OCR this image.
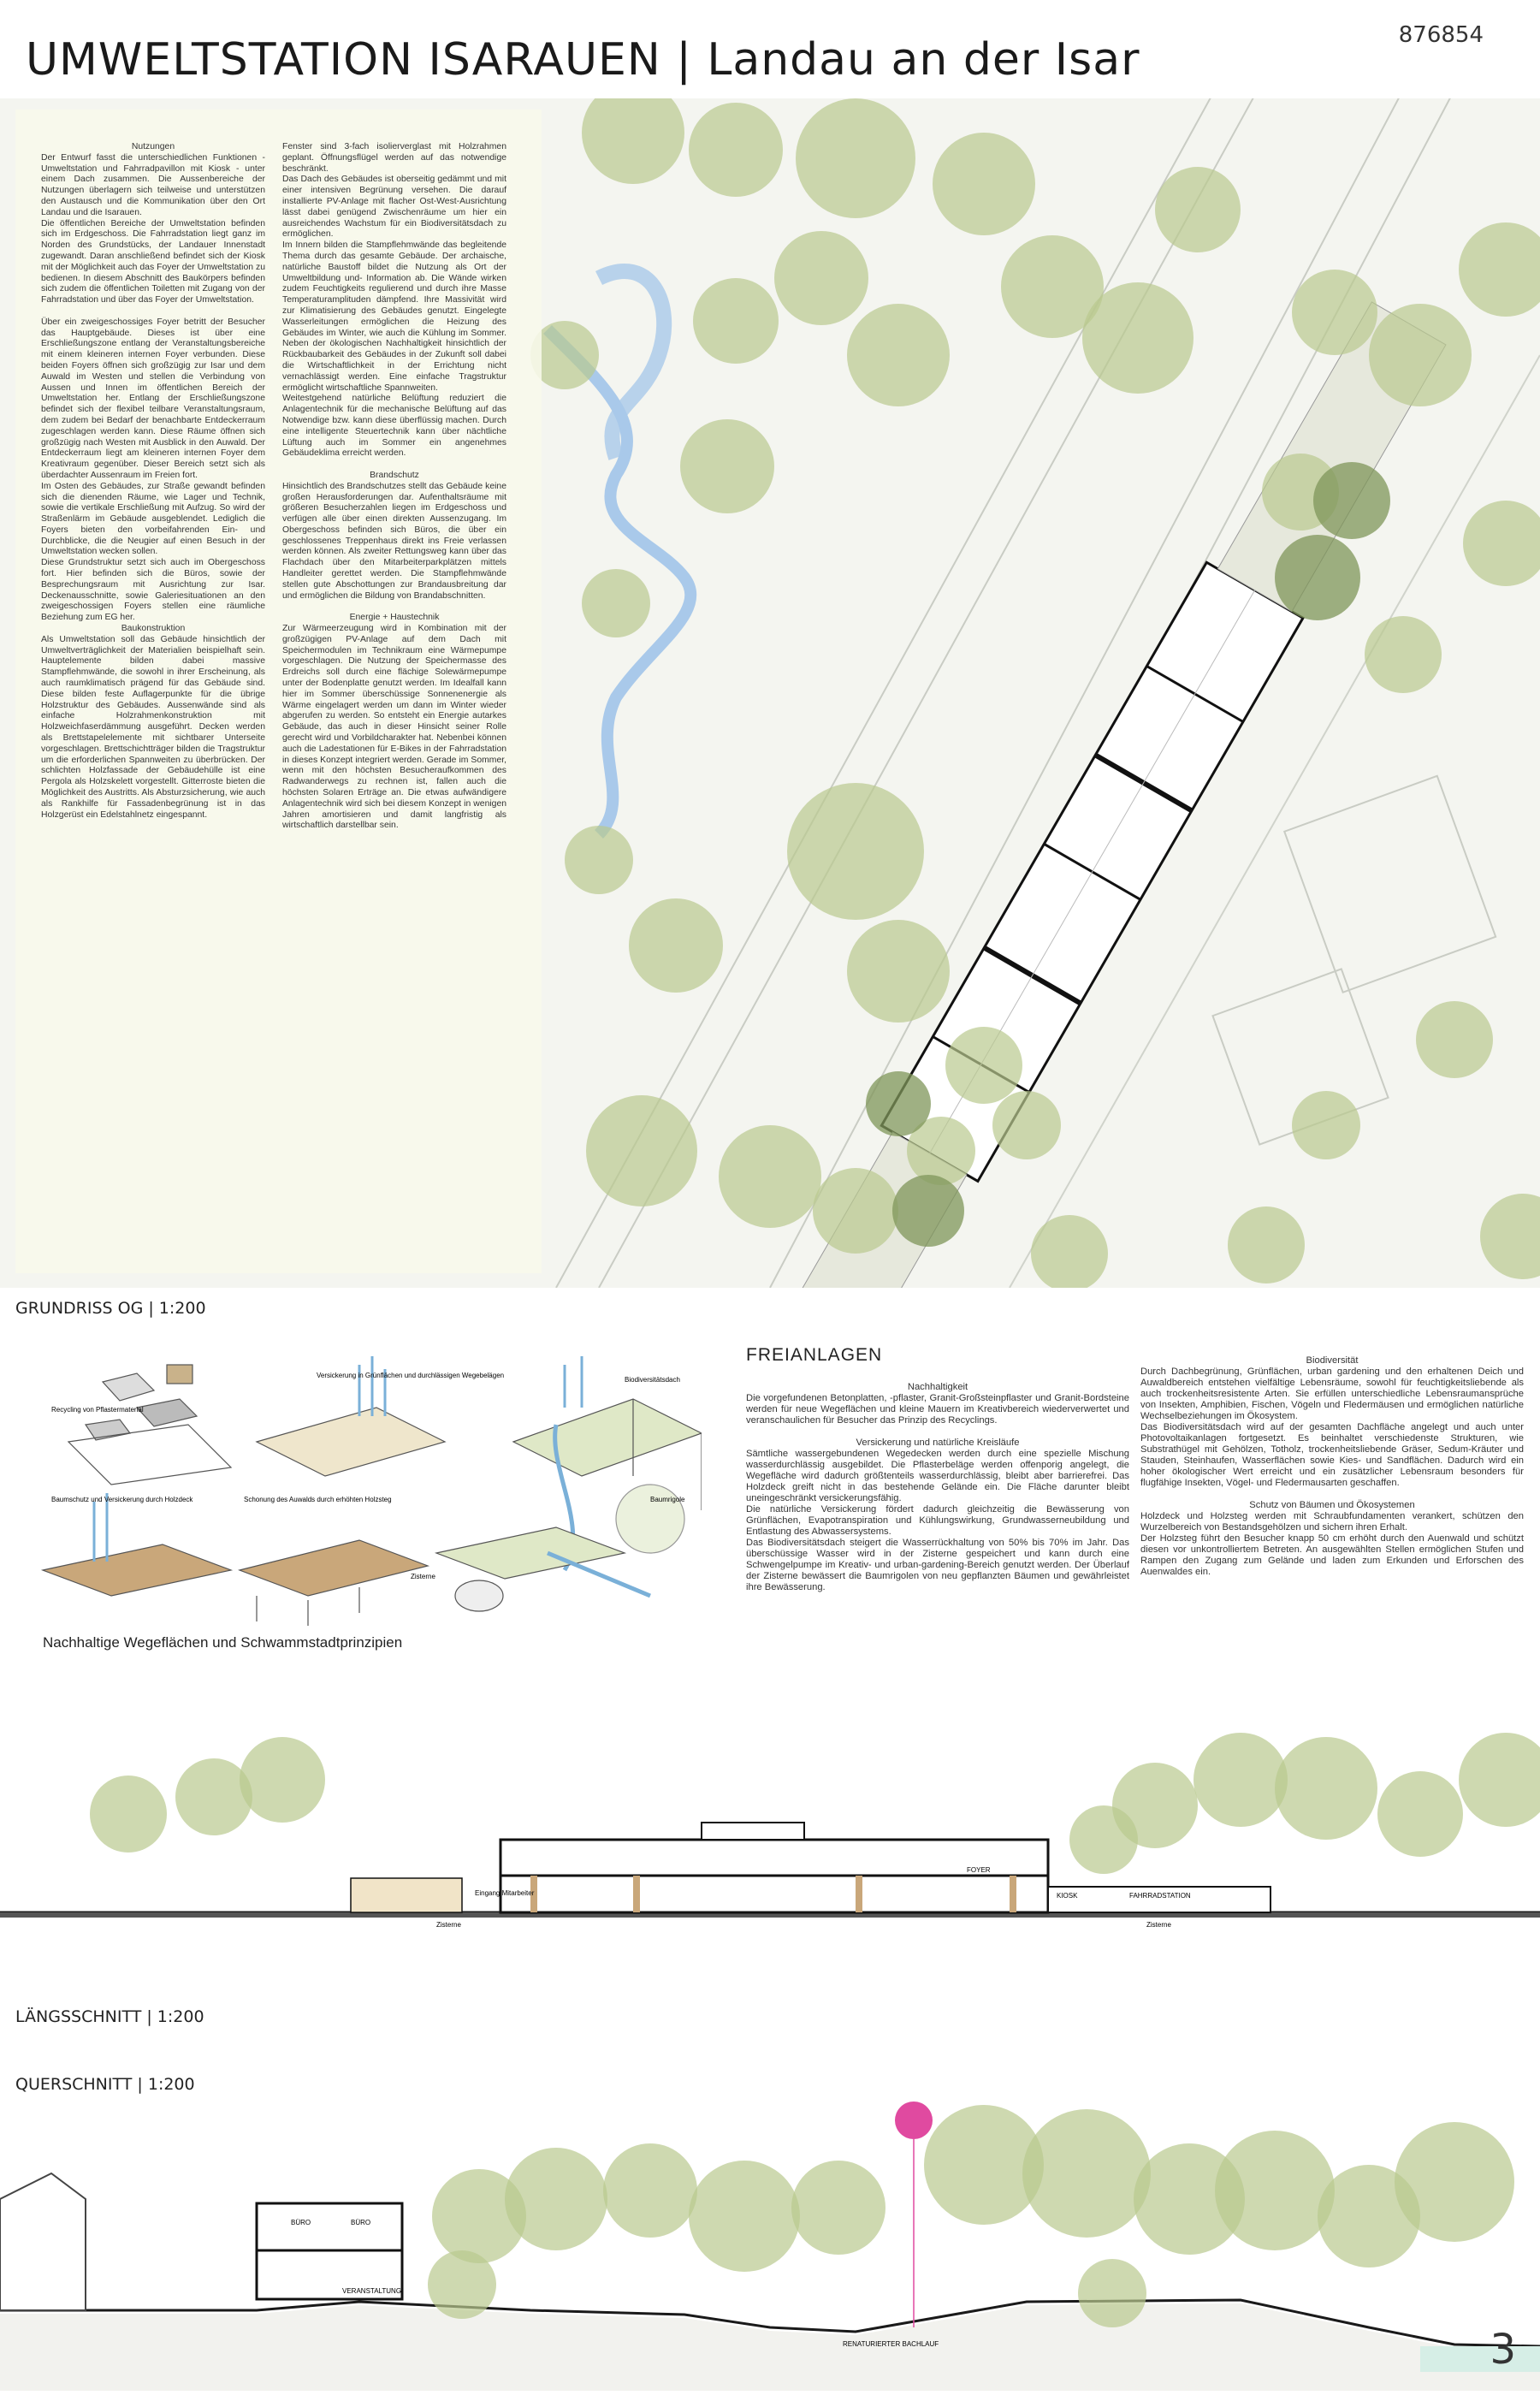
UMWELTSTATION ISARAUEN | Landau an der Isar	876854
Nutzungen
Der Entwurf fasst die unterschiedlichen Funktionen - Umweltstation und Fahrradpavillon mit Kiosk - unter einem Dach zusammen. Die Aussenbereiche der Nutzungen überlagern sich teilweise und unterstützen den Austausch und die Kommunikation über den Ort Landau und die Isarauen.
Die öffentlichen Bereiche der Umweltstation befinden sich im Erdgeschoss. Die Fahrradstation liegt ganz im Norden des Grundstücks, der Landauer Innenstadt zugewandt. Daran anschließend befindet sich der Kiosk mit der Möglichkeit auch das Foyer der Umweltstation zu bedienen. In diesem Abschnitt des Baukörpers befinden sich zudem die öffentlichen Toiletten mit Zugang von der Fahrradstation und über das Foyer der Umweltstation.

Über ein zweigeschossiges Foyer betritt der Besucher das Hauptgebäude. Dieses ist über eine Erschließungszone entlang der Veranstaltungsbereiche mit einem kleineren internen Foyer verbunden. Diese beiden Foyers öffnen sich großzügig zur Isar und dem Auwald im Westen und stellen die Verbindung von Aussen und Innen im öffentlichen Bereich der Umweltstation her. Entlang der Erschließungszone befindet sich der flexibel teilbare Veranstaltungsraum, dem zudem bei Bedarf der benachbarte Entdeckerraum zugeschlagen werden kann. Diese Räume öffnen sich großzügig nach Westen mit Ausblick in den Auwald. Der Entdeckerraum liegt am kleineren internen Foyer dem Kreativraum gegenüber. Dieser Bereich setzt sich als überdachter Aussenraum im Freien fort.
Im Osten des Gebäudes, zur Straße gewandt befinden sich die dienenden Räume, wie Lager und Technik, sowie die vertikale Erschließung mit Aufzug. So wird der Straßenlärm im Gebäude ausgeblendet. Lediglich die Foyers bieten den vorbeifahrenden Ein- und Durchblicke, die die Neugier auf einen Besuch in der Umweltstation wecken sollen.
Diese Grundstruktur setzt sich auch im Obergeschoss fort. Hier befinden sich die Büros, sowie der Besprechungsraum mit Ausrichtung zur Isar. Deckenausschnitte, sowie Galeriesituationen an den zweigeschossigen Foyers stellen eine räumliche Beziehung zum EG her.

Baukonstruktion
Als Umweltstation soll das Gebäude hinsichtlich der Umweltverträglichkeit der Materialien beispielhaft sein. Hauptelemente bilden dabei massive Stampflehmwände, die sowohl in ihrer Erscheinung, als auch raumklimatisch prägend für das Gebäude sind. Diese bilden feste Auflagerpunkte für die übrige Holzstruktur des Gebäudes. Aussenwände sind als einfache Holzrahmenkonstruktion mit Holzweichfaserdämmung ausgeführt. Decken werden als Brettstapelelemente mit sichtbarer Unterseite vorgeschlagen. Brettschichtträger bilden die Tragstruktur um die erforderlichen Spannweiten zu überbrücken. Der schlichten Holzfassade der Gebäudehülle ist eine Pergola als Holzskelett vorgestellt. Gitterroste bieten die Möglichkeit des Austritts. Als Absturzsicherung, wie auch als Rankhilfe für Fassadenbegrünung ist in das Holzgerüst ein Edelstahlnetz eingespannt.
Fenster sind 3-fach isolierverglast mit Holzrahmen geplant. Öffnungsflügel werden auf das notwendige beschränkt.
Das Dach des Gebäudes ist oberseitig gedämmt und mit einer intensiven Begrünung versehen. Die darauf installierte PV-Anlage mit flacher Ost-West-Ausrichtung lässt dabei genügend Zwischenräume um hier ein ausreichendes Wachstum für ein Biodiversitätsdach zu ermöglichen.
Im Innern bilden die Stampflehmwände das begleitende Thema durch das gesamte Gebäude. Der archaische, natürliche Baustoff bildet die Nutzung als Ort der Umweltbildung und- Information ab. Die Wände wirken zudem Feuchtigkeits regulierend und durch ihre Masse Temperaturamplituden dämpfend. Ihre Massivität wird zur Klimatisierung des Gebäudes genutzt. Eingelegte Wasserleitungen ermöglichen die Heizung des Gebäudes im Winter, wie auch die Kühlung im Sommer. Neben der ökologischen Nachhaltigkeit hinsichtlich der Rückbaubarkeit des Gebäudes in der Zukunft soll dabei die Wirtschaftlichkeit in der Errichtung nicht vernachlässigt werden. Eine einfache Tragstruktur ermöglicht wirtschaftliche Spannweiten.
Weitestgehend natürliche Belüftung reduziert die Anlagentechnik für die mechanische Belüftung auf das Notwendige bzw. kann diese überflüssig machen. Durch eine intelligente Steuertechnik kann über nächtliche Lüftung auch im Sommer ein angenehmes Gebäudeklima erreicht werden.

Brandschutz
Hinsichtlich des Brandschutzes stellt das Gebäude keine großen Herausforderungen dar. Aufenthaltsräume mit größeren Besucherzahlen liegen im Erdgeschoss und verfügen alle über einen direkten Aussenzugang. Im Obergeschoss befinden sich Büros, die über ein geschlossenes Treppenhaus direkt ins Freie verlassen werden können. Als zweiter Rettungsweg kann über das Flachdach über den Mitarbeiterparkplätzen mittels Handleiter gerettet werden. Die Stampflehmwände stellen gute Abschottungen zur Brandausbreitung dar und ermöglichen die Bildung von Brandabschnitten.

Energie + Haustechnik
Zur Wärmeerzeugung wird in Kombination mit der großzügigen PV-Anlage auf dem Dach mit Speichermodulen im Technikraum eine Wärmepumpe vorgeschlagen. Die Nutzung der Speichermasse des Erdreichs soll durch eine flächige Solewärmepumpe unter der Bodenplatte genutzt werden. Im Idealfall kann hier im Sommer überschüssige Sonnenenergie als Wärme eingelagert werden um dann im Winter wieder abgerufen zu werden. So entsteht ein Energie autarkes Gebäude, das auch in dieser Hinsicht seiner Rolle gerecht wird und Vorbildcharakter hat. Nebenbei können auch die Ladestationen für E-Bikes in der Fahrradstation in dieses Konzept integriert werden. Gerade im Sommer, wenn mit den höchsten Besucheraufkommen des Radwanderwegs zu rechnen ist, fallen auch die höchsten Solaren Erträge an. Die etwas aufwändigere Anlagentechnik wird sich bei diesem Konzept in wenigen Jahren amortisieren und damit langfristig als wirtschaftlich darstellbar sein.
GRUNDRISS OG | 1:200
Recycling von Pflastermaterial
Versickerung in Grünflächen und durchlässigen Wegebelägen
Biodiversitätsdach
Baumschutz und Versickerung durch Holzdeck	Schonung des Auwalds durch erhöhten Holzsteg
Zisterne
Baumrigole
Nachhaltige Wegeflächen und Schwammstadtprinzipien
FREIANLAGEN
Nachhaltigkeit
Die vorgefundenen Betonplatten, -pflaster, Granit-Großsteinpflaster und Granit-Bordsteine werden für neue Wegeflächen und kleine Mauern im Kreativbereich wiederverwertet und veranschaulichen für Besucher das Prinzip des Recyclings.

Versickerung und natürliche Kreisläufe
Sämtliche wassergebundenen Wegedecken werden durch eine spezielle Mischung wasserdurchlässig ausgebildet. Die Pflasterbeläge werden offenporig angelegt, die Wegefläche wird dadurch größtenteils wasserdurchlässig, bleibt aber barrierefrei. Das Holzdeck greift nicht in das bestehende Gelände ein. Die Fläche darunter bleibt uneingeschränkt versickerungsfähig.
Die natürliche Versickerung fördert dadurch gleichzeitig die Bewässerung von Grünflächen, Evapotranspiration und Kühlungswirkung, Grundwasserneubildung und Entlastung des Abwassersystems.
Das Biodiversitätsdach steigert die Wasserrückhaltung von 50% bis 70% im Jahr. Das überschüssige Wasser wird in der Zisterne gespeichert und kann durch eine Schwengelpumpe im Kreativ- und urban-gardening-Bereich genutzt werden. Der Überlauf der Zisterne bewässert die Baumrigolen von neu gepflanzten Bäumen und gewährleistet ihre Bewässerung.
Biodiversität
Durch Dachbegrünung, Grünflächen, urban gardening und den erhaltenen Deich und Auwaldbereich entstehen vielfältige Lebensräume, sowohl für feuchtigkeitsliebende als auch trockenheitsresistente Arten. Sie erfüllen unterschiedliche Lebensraumansprüche von Insekten, Amphibien, Fischen, Vögeln und Fledermäusen und ermöglichen natürliche Wechselbeziehungen im Ökosystem.
Das Biodiversitätsdach wird auf der gesamten Dachfläche angelegt und auch unter Photovoltaikanlagen fortgesetzt. Es beinhaltet verschiedenste Strukturen, wie Substrathügel mit Gehölzen, Totholz, trockenheitsliebende Gräser, Sedum-Kräuter und Stauden, Steinhaufen, Wasserflächen sowie Kies- und Sandflächen. Dadurch wird ein hoher ökologischer Wert erreicht und ein zusätzlicher Lebensraum besonders für flugfähige Insekten, Vögel- und Fledermausarten geschaffen.

Schutz von Bäumen und Ökosystemen
Holzdeck und Holzsteg werden mit Schraubfundamenten verankert, schützen den Wurzelbereich von Bestandsgehölzen und sichern ihren Erhalt.
Der Holzsteg führt den Besucher knapp 50 cm erhöht durch den Auenwald und schützt diesen vor unkontrolliertem Betreten. An ausgewählten Stellen ermöglichen Stufen und Rampen den Zugang zum Gelände und laden zum Erkunden und Erforschen des Auenwaldes ein.
FOYER
KIOSK	FAHRRADSTATION
Zisterne	Zisterne
Eingang Mitarbeiter
LÄNGSSCHNITT | 1:200
QUERSCHNITT | 1:200
BÜRO	BÜRO
VERANSTALTUNG
RENATURIERTER BACHLAUF	3
